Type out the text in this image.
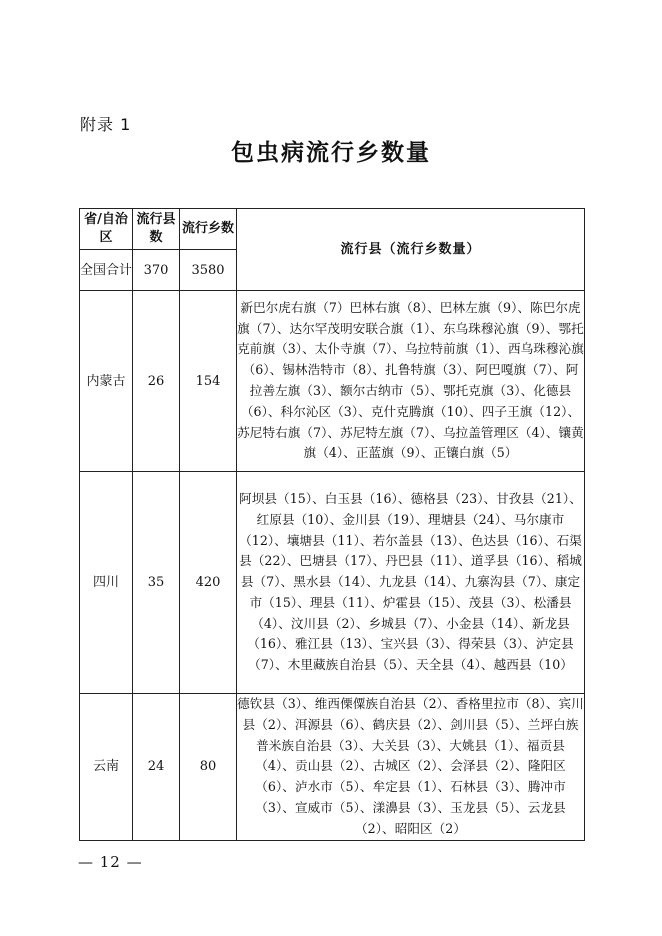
附录 1
包虫病流行乡数量
省/自治区	流行县数	流行乡数	流行县（流行乡数量）
全国合计	370	3580	
内蒙古	26	154	新巴尔虎右旗（7）巴林右旗（8）、巴林左旗（9）、陈巴尔虎旗（7）、达尔罕茂明安联合旗（1）、东乌珠穆沁旗（9）、鄂托克前旗（3）、太仆寺旗（7）、乌拉特前旗（1）、西乌珠穆沁旗（6）、锡林浩特市（8）、扎鲁特旗（3）、阿巴嘎旗（7）、阿拉善左旗（3）、额尔古纳市（5）、鄂托克旗（3）、化德县（6）、科尔沁区（3）、克什克腾旗（10）、四子王旗（12）、苏尼特右旗（7）、苏尼特左旗（7）、乌拉盖管理区（4）、镶黄旗（4）、正蓝旗（9）、正镶白旗（5）
四川	35	420	阿坝县（15）、白玉县（16）、德格县（23）、甘孜县（21）、红原县（10）、金川县（19）、理塘县（24）、马尔康市（12）、壤塘县（11）、若尔盖县（13）、色达县（16）、石渠县（22）、巴塘县（17）、丹巴县（11）、道孚县（16）、稻城县（7）、黑水县（14）、九龙县（14）、九寨沟县（7）、康定市（15）、理县（11）、炉霍县（15）、茂县（3）、松潘县（4）、汶川县（2）、乡城县（7）、小金县（14）、新龙县（16）、雅江县（13）、宝兴县（3）、得荣县（3）、泸定县（7）、木里藏族自治县（5）、天全县（4）、越西县（10）
云南	24	80	德钦县（3）、维西傈僳族自治县（2）、香格里拉市（8）、宾川县（2）、洱源县（6）、鹤庆县（2）、剑川县（5）、兰坪白族普米族自治县（3）、大关县（3）、大姚县（1）、福贡县（4）、贡山县（2）、古城区（2）、会泽县（2）、隆阳区（6）、泸水市（5）、牟定县（1）、石林县（3）、腾冲市（3）、宣威市（5）、漾濞县（3）、玉龙县（5）、云龙县（2）、昭阳区（2）
— 12 —
